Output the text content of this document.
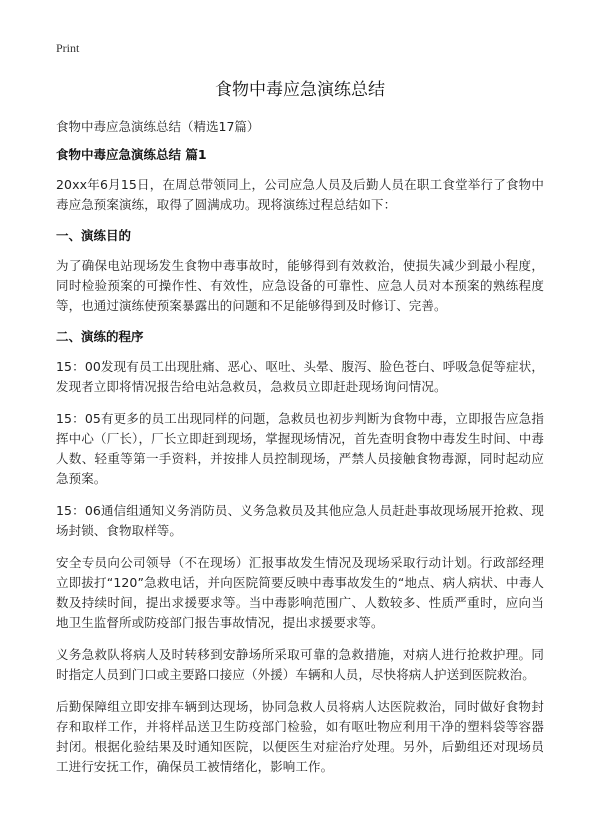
Print
食物中毒应急演练总结
食物中毒应急演练总结（精选17篇）
食物中毒应急演练总结 篇1
20xx年6月15日，在周总带领同上，公司应急人员及后勤人员在职工食堂举行了食物中毒应急预案演练，取得了圆满成功。现将演练过程总结如下：
一、演练目的
为了确保电站现场发生食物中毒事故时，能够得到有效救治，使损失减少到最小程度，同时检验预案的可操作性、有效性，应急设备的可靠性、应急人员对本预案的熟练程度等，也通过演练使预案暴露出的问题和不足能够得到及时修订、完善。
二、演练的程序
15：00发现有员工出现肚痛、恶心、呕吐、头晕、腹泻、脸色苍白、呼吸急促等症状，发现者立即将情况报告给电站急救员，急救员立即赶赴现场询问情况。
15：05有更多的员工出现同样的问题，急救员也初步判断为食物中毒，立即报告应急指挥中心（厂长），厂长立即赶到现场，掌握现场情况，首先查明食物中毒发生时间、中毒人数、轻重等第一手资料，并按排人员控制现场，严禁人员接触食物毒源，同时起动应急预案。
15：06通信组通知义务消防员、义务急救员及其他应急人员赶赴事故现场展开抢救、现场封锁、食物取样等。
安全专员向公司领导（不在现场）汇报事故发生情况及现场采取行动计划。行政部经理立即拔打“120”急救电话，并向医院简要反映中毒事故发生的“地点、病人病状、中毒人数及持续时间，提出求援要求等。当中毒影响范围广、人数较多、性质严重时，应向当地卫生监督所或防疫部门报告事故情况，提出求援要求等。
义务急救队将病人及时转移到安静场所采取可靠的急救措施，对病人进行抢救护理。同时指定人员到门口或主要路口接应（外援）车辆和人员，尽快将病人护送到医院救治。
后勤保障组立即安排车辆到达现场，协同急救人员将病人达医院救治，同时做好食物封存和取样工作，并将样品送卫生防疫部门检验，如有呕吐物应利用干净的塑料袋等容器封闭。根据化验结果及时通知医院，以便医生对症治疗处理。另外，后勤组还对现场员工进行安抚工作，确保员工被情绪化，影响工作。
